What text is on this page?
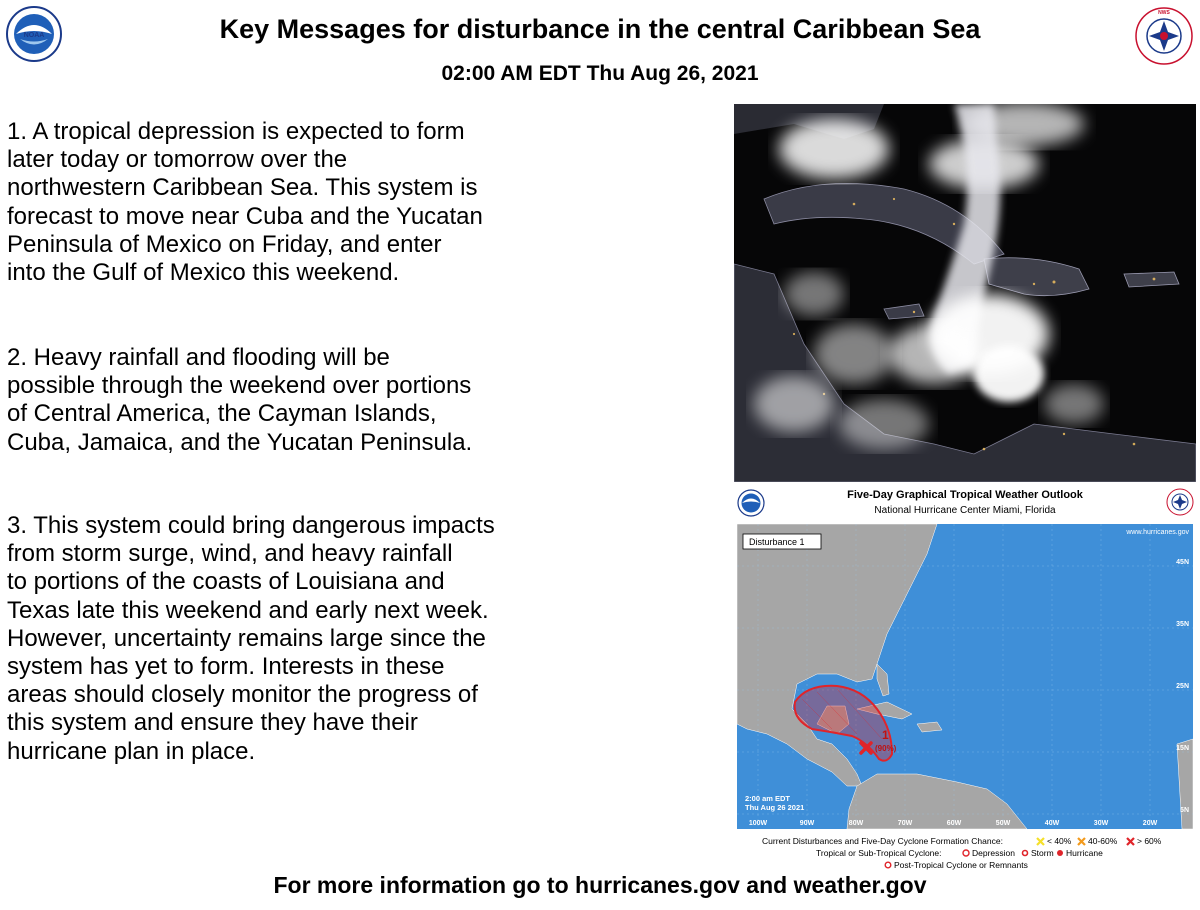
NOAA	Key Messages for disturbance in the central Caribbean Sea
02:00 AM EDT Thu Aug 26, 2021
NWS
1. A tropical depression is expected to form
later today or tomorrow over the
northwestern Caribbean Sea. This system is
forecast to move near Cuba and the Yucatan
Peninsula of Mexico on Friday, and enter
into the Gulf of Mexico this weekend.
2. Heavy rainfall and flooding will be
possible through the weekend over portions
of Central America, the Cayman Islands,
Cuba, Jamaica, and the Yucatan Peninsula.
3. This system could bring dangerous impacts
from storm surge, wind, and heavy rainfall
to portions of the coasts of Louisiana and
Texas late this weekend and early next week.
However, uncertainty remains large since the
system has yet to form. Interests in these
areas should closely monitor the progress of
this system and ensure they have their
hurricane plan in place.
Five-Day Graphical Tropical Weather Outlook
National Hurricane Center Miami, Florida
45N
35N
25N
15N
5N
Disturbance 1
www.hurricanes.gov
1
(90%)
2:00 am EDT
Thu Aug 26 2021
100W	90W	80W	70W	60W	50W	40W	30W	20W
Current Disturbances and Five-Day Cyclone Formation Chance:	< 40% 40-60% > 60%
Tropical or Sub-Tropical Cyclone:	Depression Storm Hurricane
Post-Tropical Cyclone or Remnants
For more information go to hurricanes.gov and weather.gov
